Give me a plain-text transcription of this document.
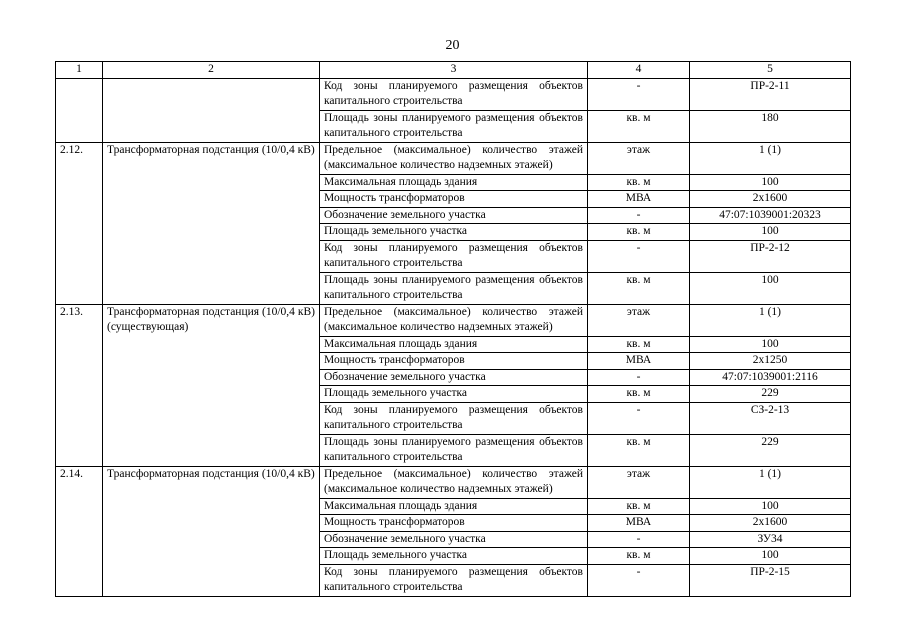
20
1	2	3	4	5
		Код зоны планируемого размещения объектов капитального строительства	-	ПР-2-11
		Площадь зоны планируемого размещения объектов капитального строительства	кв. м	180
2.12.	Трансформаторная подстанция (10/0,4 кВ)	Предельное (максимальное) количество этажей (максимальное количество надземных этажей)	этаж	1 (1)
		Максимальная площадь здания	кв. м	100
		Мощность трансформаторов	МВА	2х1600
		Обозначение земельного участка	-	47:07:1039001:20323
		Площадь земельного участка	кв. м	100
		Код зоны планируемого размещения объектов капитального строительства	-	ПР-2-12
		Площадь зоны планируемого размещения объектов капитального строительства	кв. м	100
2.13.	Трансформаторная подстанция (10/0,4 кВ) (существующая)	Предельное (максимальное) количество этажей (максимальное количество надземных этажей)	этаж	1 (1)
		Максимальная площадь здания	кв. м	100
		Мощность трансформаторов	МВА	2х1250
		Обозначение земельного участка	-	47:07:1039001:2116
		Площадь земельного участка	кв. м	229
		Код зоны планируемого размещения объектов капитального строительства	-	СЗ-2-13
		Площадь зоны планируемого размещения объектов капитального строительства	кв. м	229
2.14.	Трансформаторная подстанция (10/0,4 кВ)	Предельное (максимальное) количество этажей (максимальное количество надземных этажей)	этаж	1 (1)
		Максимальная площадь здания	кв. м	100
		Мощность трансформаторов	МВА	2х1600
		Обозначение земельного участка	-	ЗУ34
		Площадь земельного участка	кв. м	100
		Код зоны планируемого размещения объектов капитального строительства	-	ПР-2-15
